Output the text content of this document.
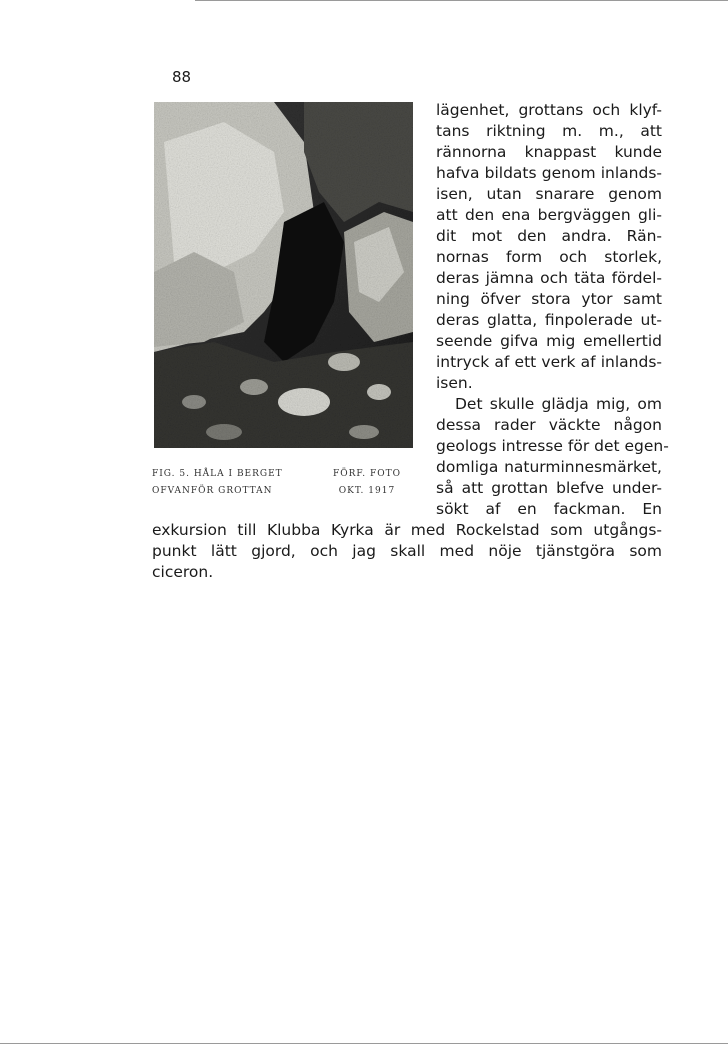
88
FIG. 5. HÅLA I BERGET
OFVANFÖR GROTTAN
FÖRF. FOTO
OKT. 1917
lägenhet, grottans och klyf-
tans riktning m. m., att
rännorna knappast kunde
hafva bildats genom inlands-
isen, utan snarare genom
att den ena bergväggen gli-
dit mot den andra. Rän-
nornas form och storlek,
deras jämna och täta fördel-
ning öfver stora ytor samt
deras glatta, finpolerade ut-
seende gifva mig emellertid
intryck af ett verk af inlands-
isen.
Det skulle glädja mig, om
dessa rader väckte någon
geologs intresse för det egen-
domliga naturminnesmärket,
så att grottan blefve under-
sökt af en fackman. En
exkursion till Klubba Kyrka är med Rockelstad som utgångs-
punkt lätt gjord, och jag skall med nöje tjänstgöra som
ciceron.
